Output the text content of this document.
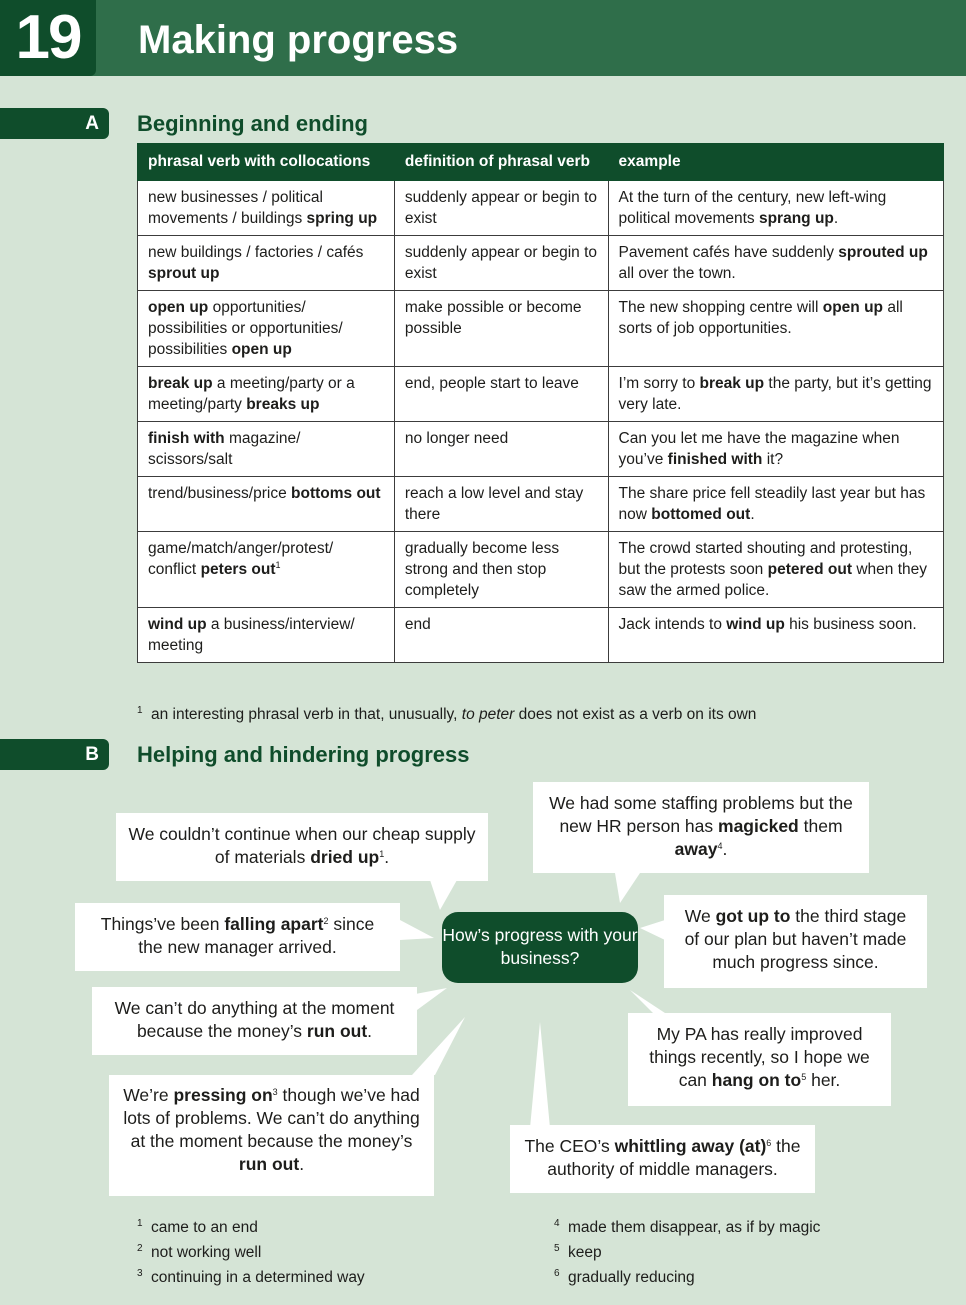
19	Making progress
A	Beginning and ending
phrasal verb with collocations	definition of phrasal verb	example
new businesses / political movements / buildings spring up	suddenly appear or begin to exist	At the turn of the century, new left-wing political movements sprang up.
new buildings / factories / cafés sprout up	suddenly appear or begin to exist	Pavement cafés have suddenly sprouted up all over the town.
open up opportunities/ possibilities or opportunities/ possibilities open up	make possible or become possible	The new shopping centre will open up all sorts of job opportunities.
break up a meeting/party or a meeting/party breaks up	end, people start to leave	I’m sorry to break up the party, but it’s getting very late.
finish with magazine/ scissors/salt	no longer need	Can you let me have the magazine when you’ve finished with it?
trend/business/price bottoms out	reach a low level and stay there	The share price fell steadily last year but has now bottomed out.
game/match/anger/protest/ conflict peters out$^1$	gradually become less strong and then stop completely	The crowd started shouting and protesting, but the protests soon petered out when they saw the armed police.
wind up a business/interview/ meeting	end	Jack intends to wind up his business soon.
1 an interesting phrasal verb in that, unusually, to peter does not exist as a verb on its own
B	Helping and hindering progress
How’s progress with your business?
We couldn’t continue when our cheap supply of materials dried $up^1$.
We had some staffing problems but the new HR person has magicked them away$^4$.
Things’ve been falling apart$^2$ since the new manager arrived.
We got up to the third stage of our plan but haven’t made much progress since.
We can’t do anything at the moment because the money’s run out.	My PA has really improved things recently, so I hope we can hang on $to^5$ her.
We’re pressing $on^3$ though we’ve had lots of problems. We can’t do anything at the moment because the money’s run out.
The CEO’s whittling away (at)$^6$ the authority of middle managers.
1 came to an end
2 not working well
3 continuing in a determined way
4 made them disappear, as if by magic
5 keep
6 gradually reducing
